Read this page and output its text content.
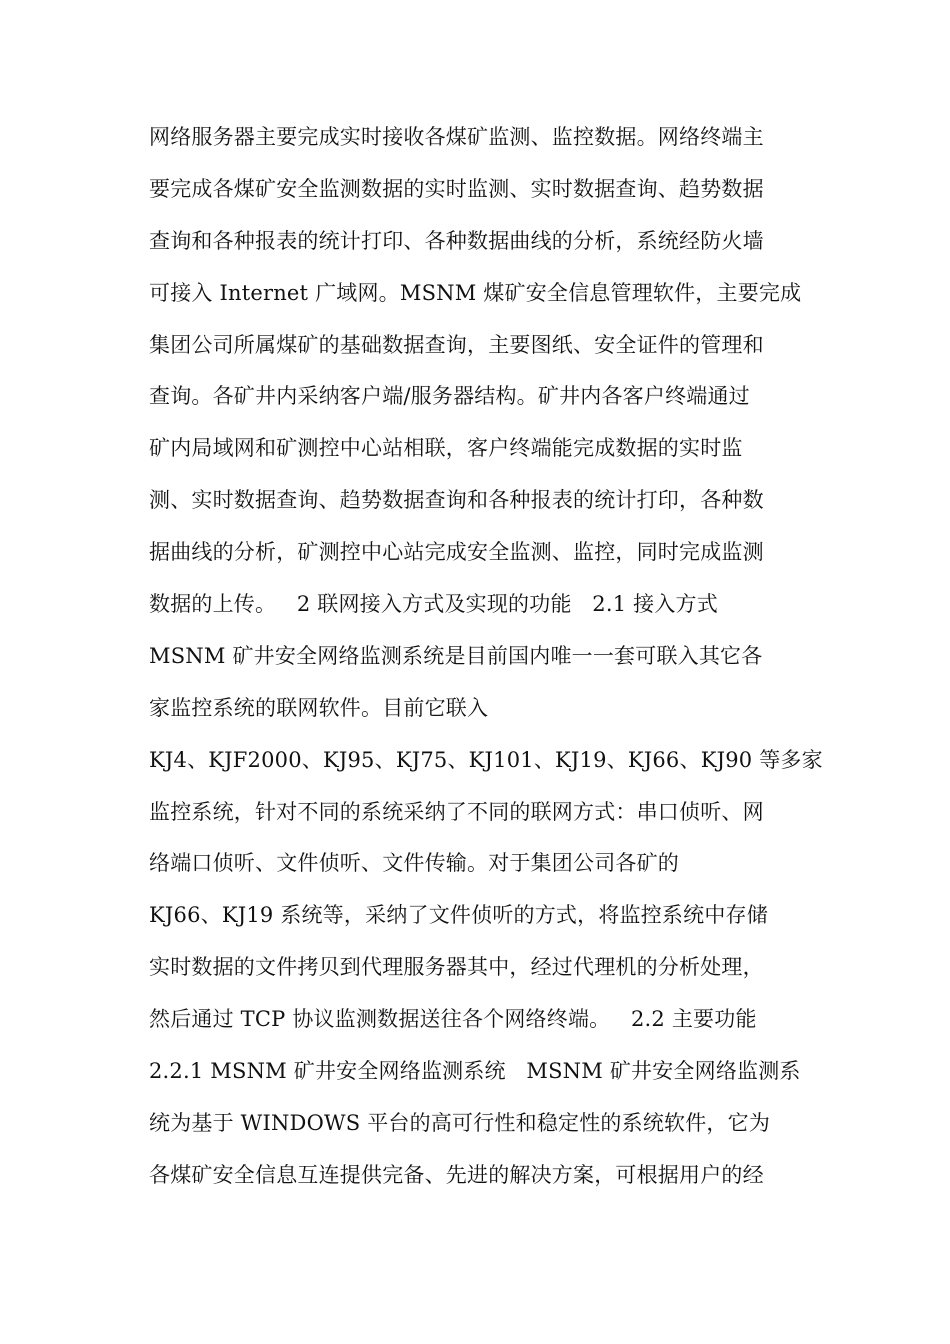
网络服务器主要完成实时接收各煤矿监测、监控数据。网络终端主
要完成各煤矿安全监测数据的实时监测、实时数据查询、趋势数据
查询和各种报表的统计打印、各种数据曲线的分析，系统经防火墙
可接入 Internet 广域网。MSNM 煤矿安全信息管理软件，主要完成
集团公司所属煤矿的基础数据查询，主要图纸、安全证件的管理和
查询。各矿井内采纳客户端/服务器结构。矿井内各客户终端通过
矿内局域网和矿测控中心站相联，客户终端能完成数据的实时监
测、实时数据查询、趋势数据查询和各种报表的统计打印，各种数
据曲线的分析，矿测控中心站完成安全监测、监控，同时完成监测
数据的上传。   2 联网接入方式及实现的功能   2.1 接入方式
MSNM 矿井安全网络监测系统是目前国内唯一一套可联入其它各
家监控系统的联网软件。目前它联入
KJ4、KJF2000、KJ95、KJ75、KJ101、KJ19、KJ66、KJ90 等多家
监控系统，针对不同的系统采纳了不同的联网方式：串口侦听、网
络端口侦听、文件侦听、文件传输。对于集团公司各矿的
KJ66、KJ19 系统等，采纳了文件侦听的方式，将监控系统中存储
实时数据的文件拷贝到代理服务器其中，经过代理机的分析处理，
然后通过 TCP 协议监测数据送往各个网络终端。   2.2 主要功能
2.2.1 MSNM 矿井安全网络监测系统   MSNM 矿井安全网络监测系
统为基于 WINDOWS 平台的高可行性和稳定性的系统软件，它为
各煤矿安全信息互连提供完备、先进的解决方案，可根据用户的经
